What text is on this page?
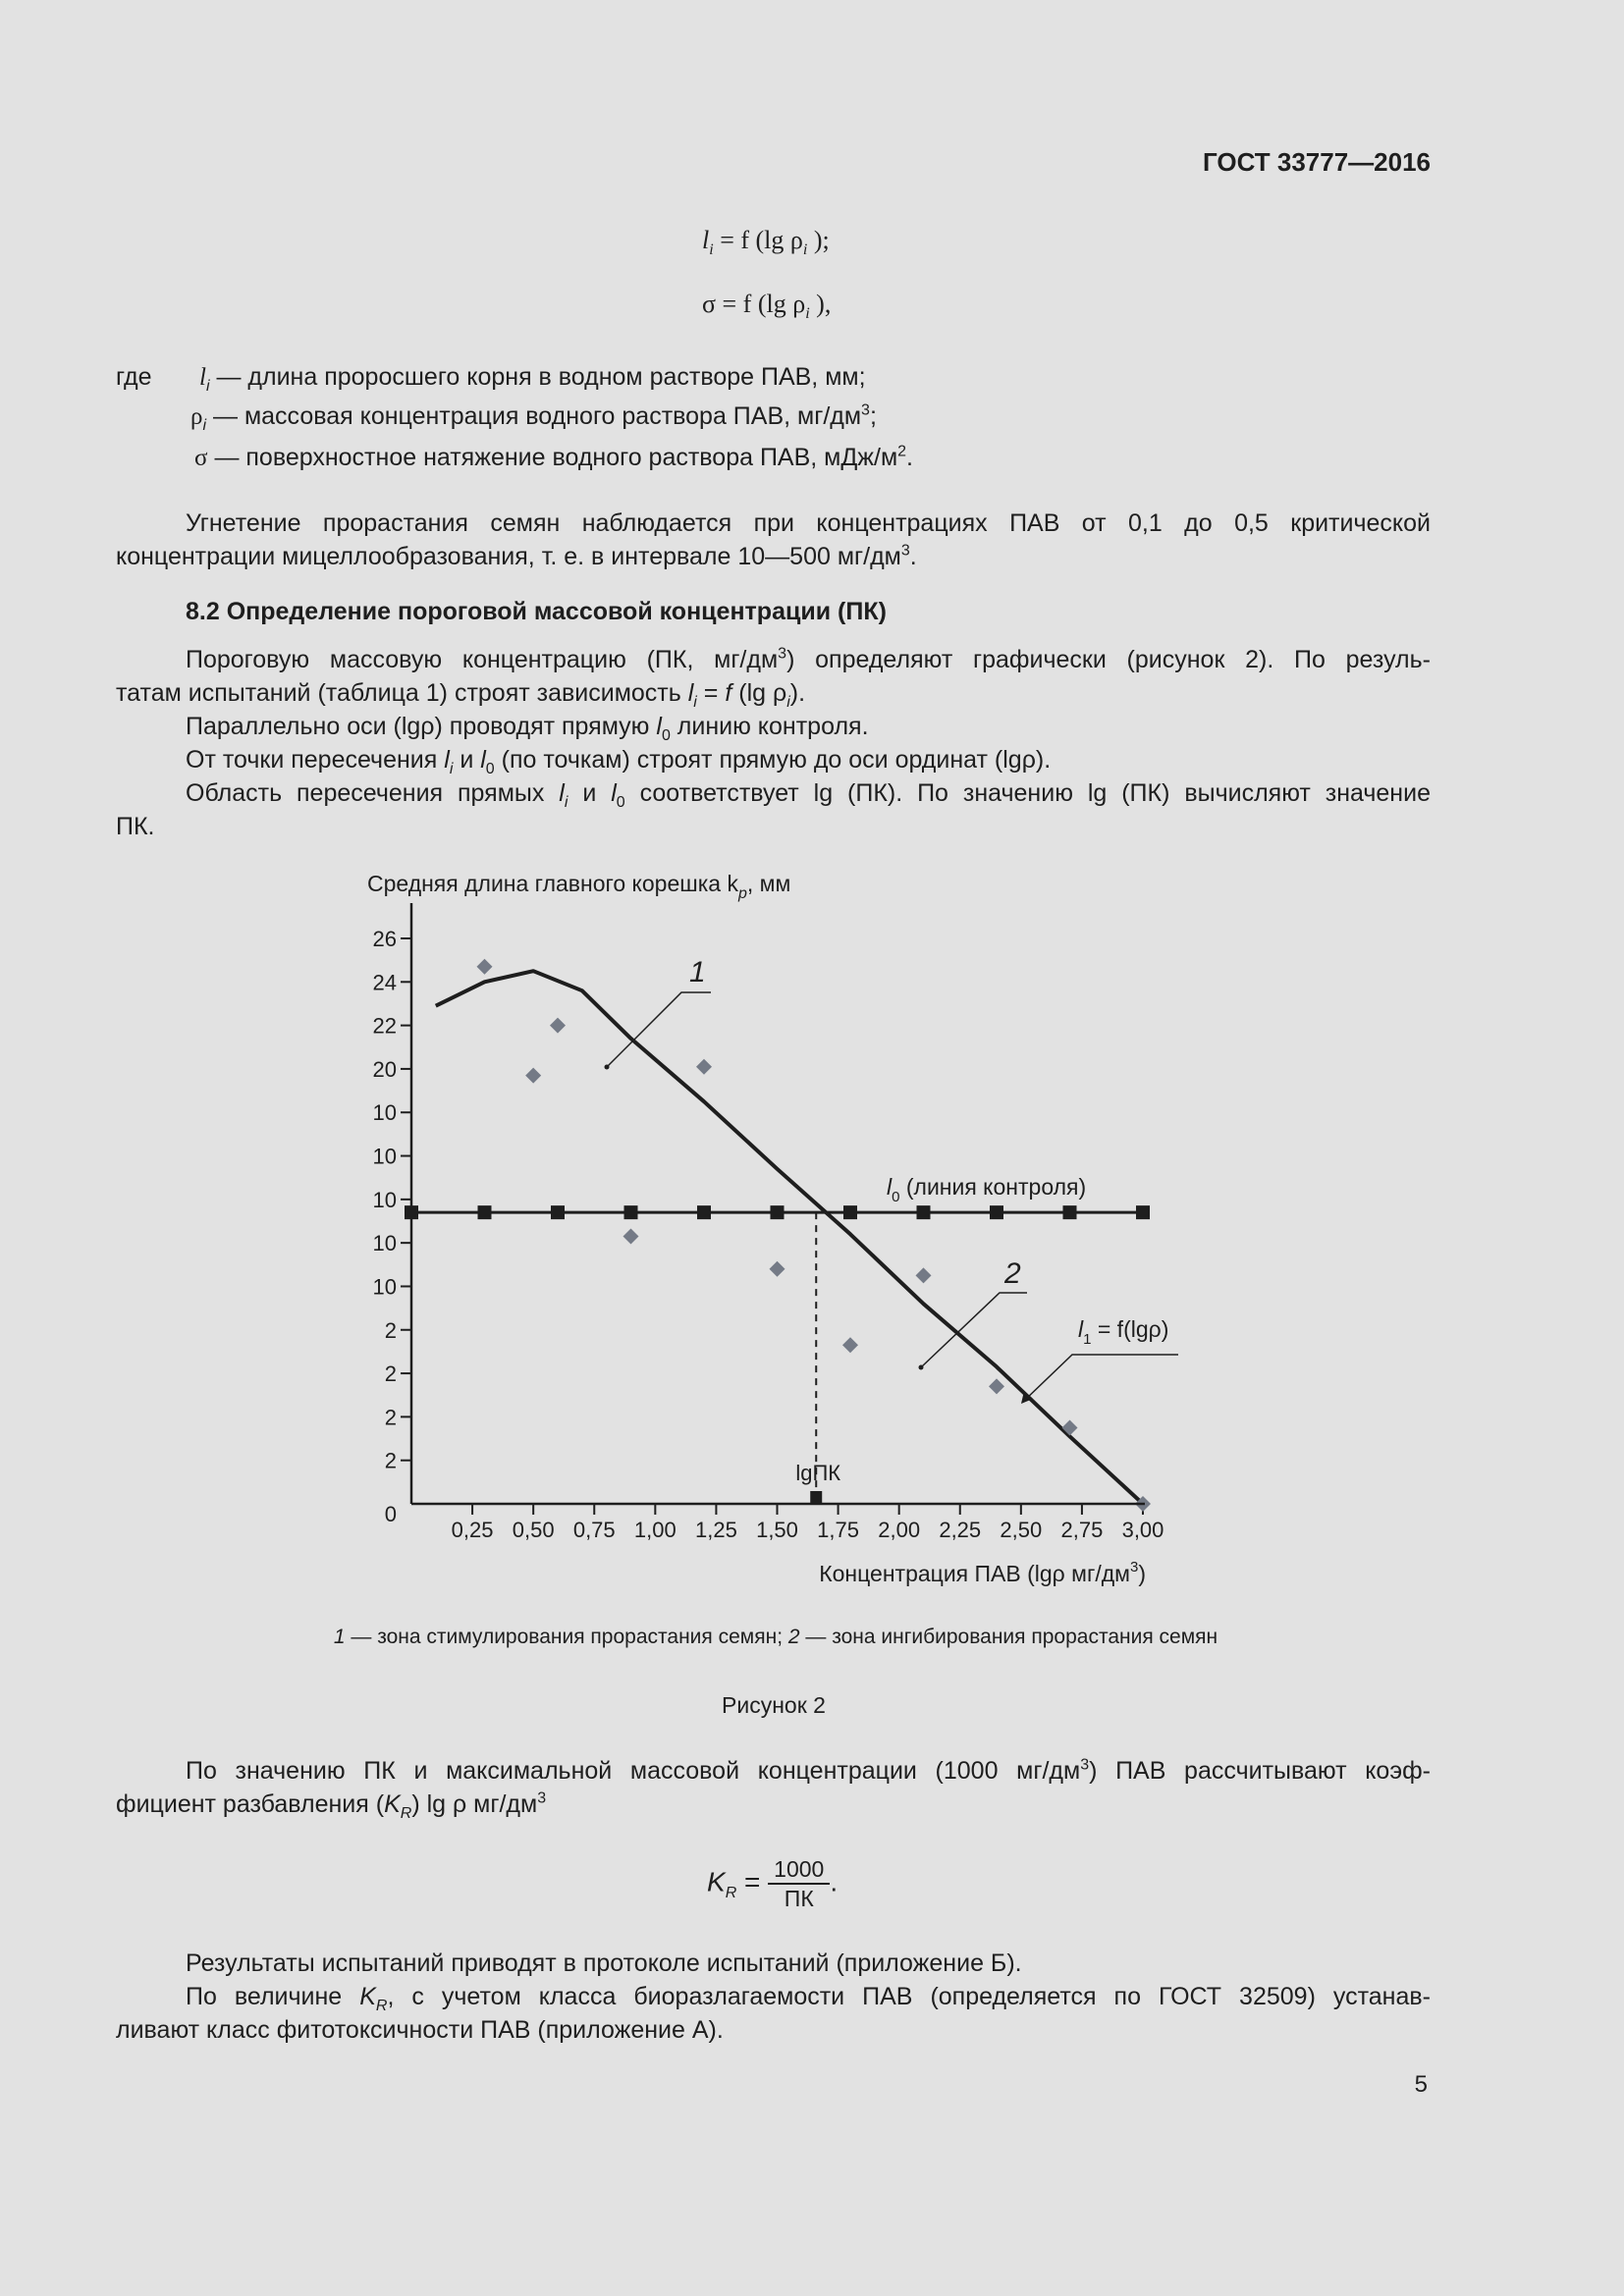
ГОСТ 33777—2016
$l_i = f$ (lg $\rho_i$ );
σ = f (lg $\rho_i$ ),
где $l_i$ — длина проросшего корня в водном растворе ПАВ, мм;
$\rho_i$ — массовая концентрация водного раствора ПАВ, $мг/дм^3$;
σ — поверхностное натяжение водного раствора ПАВ, мДж/$м^2$.
Угнетение прорастания семян наблюдается при концентрациях ПАВ от 0,1 до 0,5 критической
концентрации мицеллообразования, т. е. в интервале 10—500 $мг/дм^3$.
8.2 Определение пороговой массовой концентрации (ПК)
Пороговую массовую концентрацию (ПК, $мг/дм^3$) определяют графически (рисунок 2). По резуль-
татам испытаний (таблица 1) строят зависимость $l_i = f$ (lg $\rho_i$).
Параллельно оси (lgρ) проводят прямую $l_0$ линию контроля.
От точки пересечения $l_i$ и $l_0$ (по точкам) строят прямую до оси ординат (lgρ).
Область пересечения прямых $l_i$ и $l_0$ соответствует lg (ПК). По значению lg (ПК) вычисляют значение
ПК.
Средняя длина главного корешка $k_p$, мм
0
2
2
2
2
10
10
10
10
10
20
22
24
26
0,25 0,50 0,75 1,00 1,25 1,50 1,75 2,00 2,25 2,50 2,75 3,00
Концентрация ПАВ (lgρ $мг/дм^3$)
1
2
$l_0$ (линия контроля)
$l_1 = f(\lg\rho)$
lgПК
1 — зона стимулирования прорастания семян; 2 — зона ингибирования прорастания семян
Рисунок 2
По значению ПК и максимальной массовой концентрации (1000 $мг/дм^3$) ПАВ рассчитывают коэф-
фициент разбавления $(K_R)$ lg ρ $мг/дм^3$
$K_R = \frac{1000}{ПК}$ .
Результаты испытаний приводят в протоколе испытаний (приложение Б).
По величине $K_R$, с учетом класса биоразлагаемости ПАВ (определяется по ГОСТ 32509) устанав-
ливают класс фитотоксичности ПАВ (приложение А).
5
